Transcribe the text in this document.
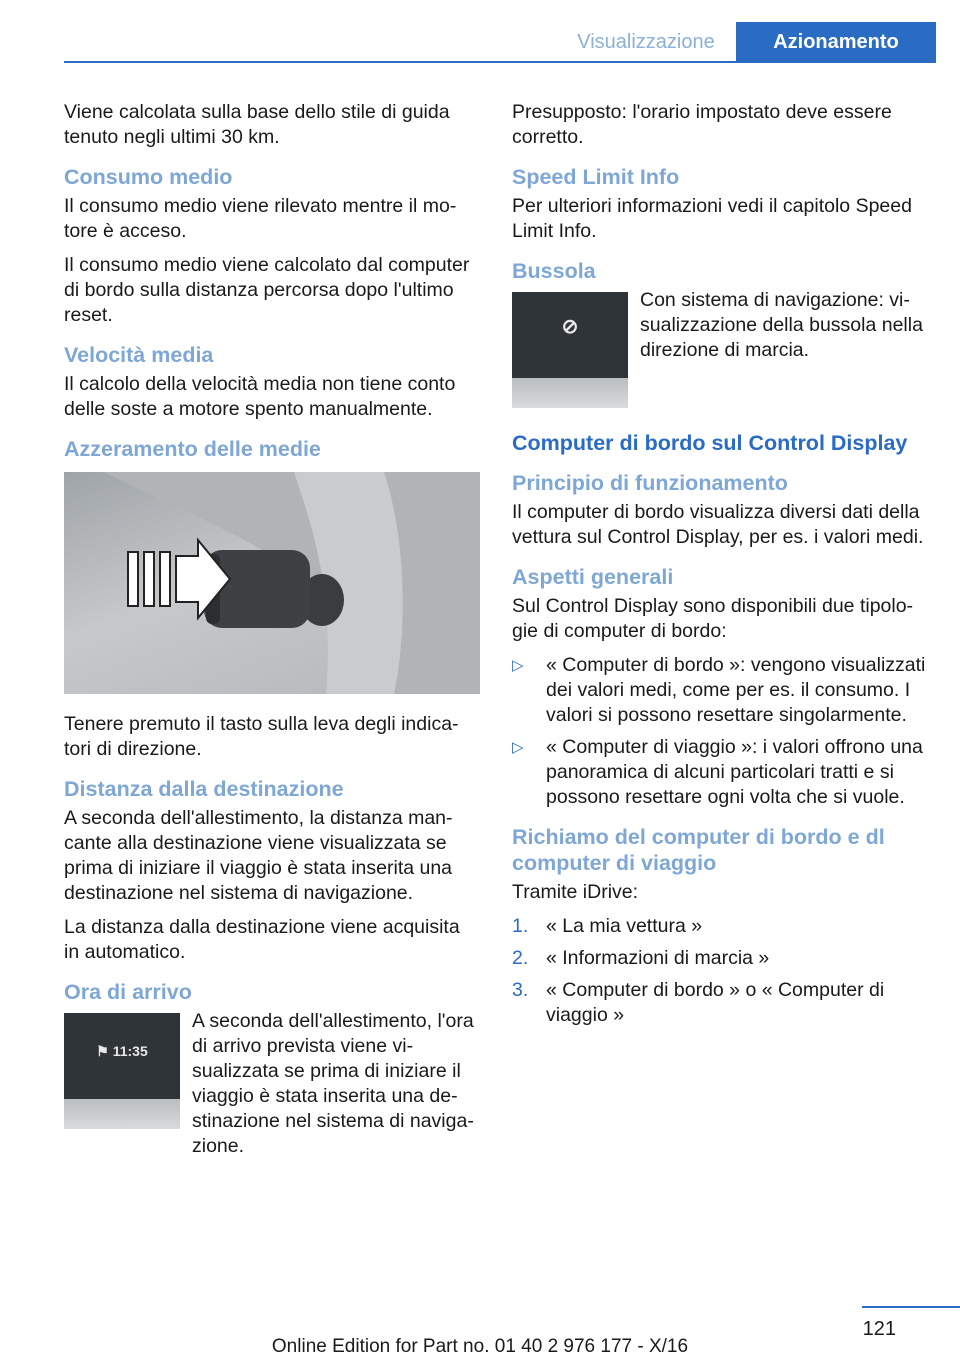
Visualizzazione	Azionamento

Viene calcolata sulla base dello stile di guida tenuto negli ultimi 30 km.

Consumo medio

Il consumo medio viene rilevato mentre il mo-tore è acceso.

Il consumo medio viene calcolato dal computer di bordo sulla distanza percorsa dopo l'ultimo reset.

Velocità media

Il calcolo della velocità media non tiene conto delle soste a motore spento manualmente.

Azzeramento delle medie

Tenere premuto il tasto sulla leva degli indica-tori di direzione.

Distanza dalla destinazione

A seconda dell'allestimento, la distanza man-cante alla destinazione viene visualizzata se prima di iniziare il viaggio è stata inserita una destinazione nel sistema di navigazione.

La distanza dalla destinazione viene acquisita in automatico.

Ora di arrivo
⚑ 11:35

A seconda dell'allestimento, l'ora di arrivo prevista viene vi-sualizzata se prima di iniziare il viaggio è stata inserita una de-stinazione nel sistema di naviga-zione.

Presupposto: l'orario impostato deve essere corretto.

Speed Limit Info

Per ulteriori informazioni vedi il capitolo Speed Limit Info.

Bussola
⊘

Con sistema di navigazione: vi-sualizzazione della bussola nella direzione di marcia.

Computer di bordo sul Control Display
Principio di funzionamento

Il computer di bordo visualizza diversi dati della vettura sul Control Display, per es. i valori medi.

Aspetti generali

Sul Control Display sono disponibili due tipolo-gie di computer di bordo:

▷ « Computer di bordo »: vengono visualizzati dei valori medi, come per es. il consumo. I valori si possono resettare singolarmente.
▷ « Computer di viaggio »: i valori offrono una panoramica di alcuni particolari tratti e si possono resettare ogni volta che si vuole.
Richiamo del computer di bordo e dl computer di viaggio

Tramite iDrive:

1. « La mia vettura »
2. « Informazioni di marcia »
3. « Computer di bordo » o « Computer di viaggio »
121
Online Edition for Part no. 01 40 2 976 177 - X/16
